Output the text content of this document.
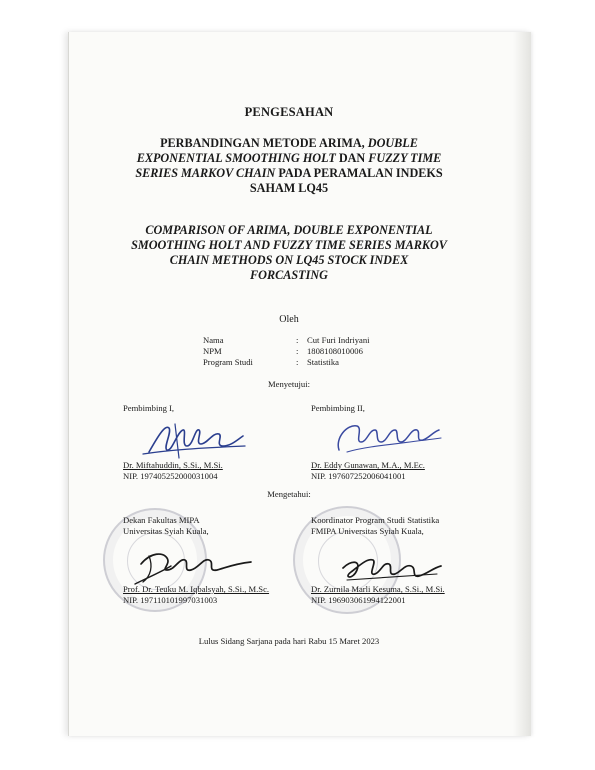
PENGESAHAN
PERBANDINGAN METODE ARIMA, DOUBLE
EXPONENTIAL SMOOTHING HOLT DAN FUZZY TIME
SERIES MARKOV CHAIN PADA PERAMALAN INDEKS
SAHAM LQ45
COMPARISON OF ARIMA, DOUBLE EXPONENTIAL
SMOOTHING HOLT AND FUZZY TIME SERIES MARKOV
CHAIN METHODS ON LQ45 STOCK INDEX
FORCASTING
Oleh
Nama	: Cut Furi Indriyani
NPM	: 1808108010006
Program Studi	: Statistika
Menyetujui:
Pembimbing I,
Dr. Miftahuddin, S.Si., M.Si.
NIP. 197405252000031004
Pembimbing II,
Dr. Eddy Gunawan, M.A., M.Ec.
NIP. 197607252006041001
Mengetahui:
Dekan Fakultas MIPA
Universitas Syiah Kuala,
Prof. Dr. Teuku M. Iqbalsyah, S.Si., M.Sc.
NIP. 197110101997031003
Koordinator Program Studi Statistika
FMIPA Universitas Syiah Kuala,
Dr. Zurnila Marli Kesuma, S.Si., M.Si.
NIP. 196903061994122001
Lulus Sidang Sarjana pada hari Rabu 15 Maret 2023
